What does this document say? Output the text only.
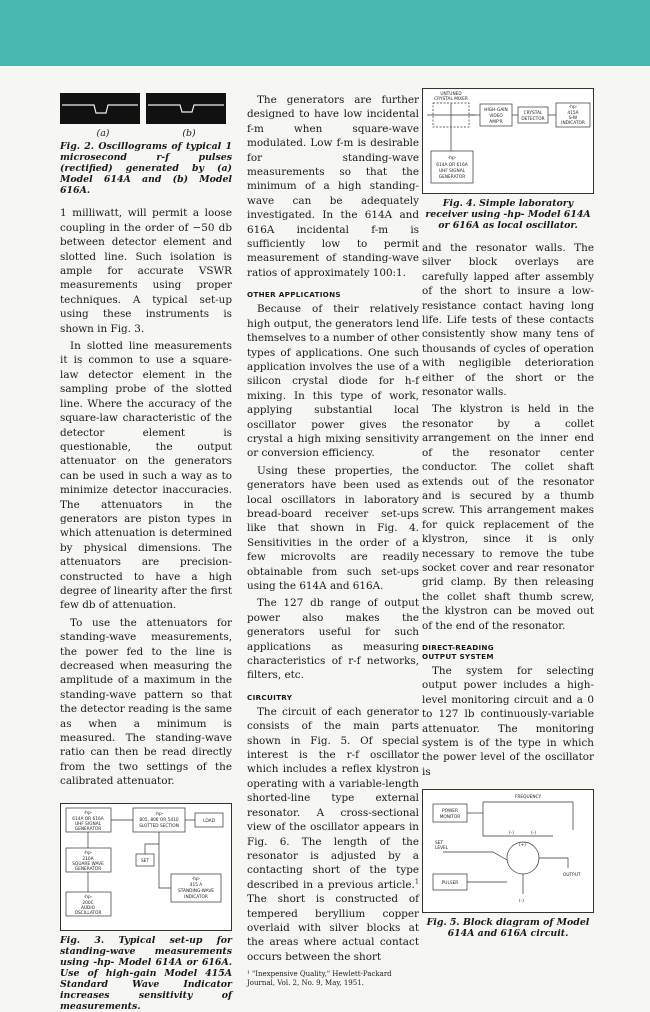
(a)	(b)

Fig. 2. Oscillograms of typical 1 microsecond r-f pulses (rectified) generated by (a) Model 614A and (b) Model 616A.

1 milliwatt, will permit a loose coupling in the order of −50 db between detector element and slotted line. Such isolation is ample for accurate VSWR measurements using proper techniques. A typical set-up using these instruments is shown in Fig. 3.

In slotted line measurements it is common to use a square-law detector element in the sampling probe of the slotted line. Where the accuracy of the square-law characteristic of the detector element is questionable, the output attenuator on the generators can be used in such a way as to minimize detector inaccuracies. The attenuators in the generators are piston types in which attenuation is determined by physical dimensions. The attenuators are precision-constructed to have a high degree of linearity after the first few db of attenuation.

To use the attenuators for standing-wave measurements, the power fed to the line is decreased when measuring the amplitude of a maximum in the standing-wave pattern so that the detector reading is the same as when a minimum is measured. The standing-wave ratio can then be read directly from the two settings of the calibrated attenuator.

-hp-
614A OR 616A
UHF SIGNAL
GENERATOR
-hp-
210A
SQUARE WAVE
GENERATOR
-hp-
200C
AUDIO
OSCILLATOR
-hp-
805, 806 OR 5410
SLOTTED SECTION
LOAD
SET
-hp-
415 A
STANDING-WAVE
INDICATOR

Fig. 3. Typical set-up for standing-wave measurements using -hp- Model 614A or 616A. Use of high-gain Model 415A Standard Wave Indicator increases sensitivity of measurements.

The generators are further designed to have low incidental f-m when square-wave modulated. Low f-m is desirable for standing-wave measurements so that the minimum of a high standing-wave can be adequately investigated. In the 614A and 616A incidental f-m is sufficiently low to permit measurement of standing-wave ratios of approximately 100:1.

OTHER APPLICATIONS

Because of their relatively high output, the generators lend themselves to a number of other types of applications. One such application involves the use of a silicon crystal diode for h-f mixing. In this type of work, applying substantial local oscillator power gives the crystal a high mixing sensitivity or conversion efficiency.

Using these properties, the generators have been used as local oscillators in laboratory bread-board receiver set-ups like that shown in Fig. 4. Sensitivities in the order of a few microvolts are readily obtainable from such set-ups using the 614A and 616A.

The 127 db range of output power also makes the generators useful for such applications as measuring characteristics of r-f networks, filters, etc.

CIRCUITRY

The circuit of each generator consists of the main parts shown in Fig. 5. Of special interest is the r-f oscillator which includes a reflex klystron operating with a variable-length shorted-line type external resonator. A cross-sectional view of the oscillator appears in Fig. 6. The length of the resonator is adjusted by a contacting short of the type described in a previous article.$^1$ The short is constructed of tempered beryllium copper overlaid with silver blocks at the areas where actual contact occurs between the short

¹ "Inexpensive Quality," Hewlett-Packard Journal, Vol. 2, No. 9, May, 1951.
UNTUNED
CRYSTAL MIXER
HIGH-GAIN
VIDEO
AMP'R
CRYSTAL
DETECTOR
-hp-
415A
S-W
INDICATOR
-hp-
614A OR 616A
UHF SIGNAL
GENERATOR

Fig. 4. Simple laboratory receiver using -hp- Model 614A or 616A as local oscillator.

and the resonator walls. The silver block overlays are carefully lapped after assembly of the short to insure a low-resistance contact having long life. Life tests of these contacts consistently show many tens of thousands of cycles of operation with negligible deterioration either of the short or the resonator walls.

The klystron is held in the resonator by a collet arrangement on the inner end of the resonator center conductor. The collet shaft extends out of the resonator and is secured by a thumb screw. This arrangement makes for quick replacement of the klystron, since it is only necessary to remove the tube socket cover and rear resonator grid clamp. By then releasing the collet shaft thumb screw, the klystron can be moved out of the end of the resonator.

DIRECT-READING
OUTPUT SYSTEM

The system for selecting output power includes a high-level monitoring circuit and a 0 to 127 lb continuously-variable attenuator. The monitoring system is of the type in which the power level of the oscillator is

FREQUENCY
POWER
MONITOR
SET
LEVEL
OUTPUT
PULSER
(-)	(-)
(+)
(-)

Fig. 5. Block diagram of Model 614A and 616A circuit.
